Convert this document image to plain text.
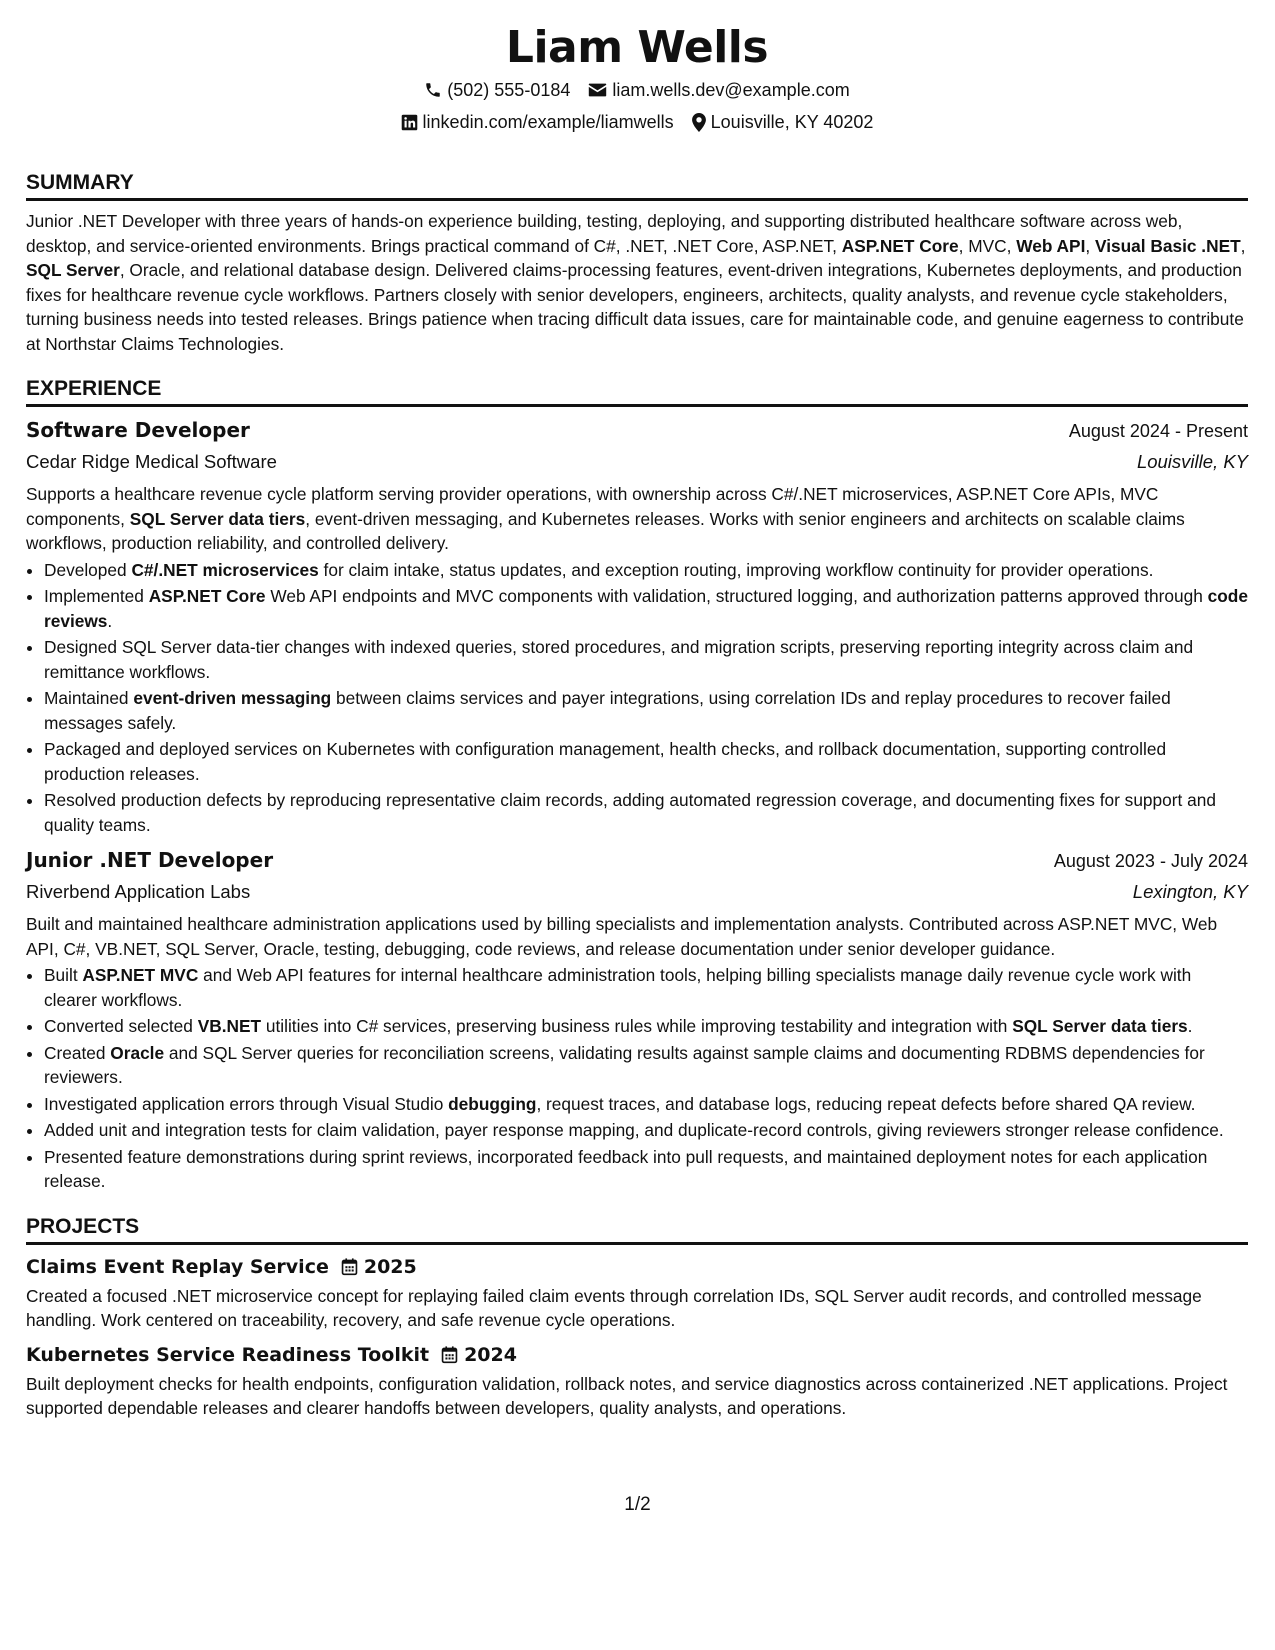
Liam Wells
(502) 555-0184 liam.wells.dev@example.com
linkedin.com/example/liamwells Louisville, KY 40202
SUMMARY
Junior .NET Developer with three years of hands-on experience building, testing, deploying, and supporting distributed healthcare software across web, desktop, and service-oriented environments. Brings practical command of C#, .NET, .NET Core, ASP.NET, ASP.NET Core, MVC, Web API, Visual Basic .NET, SQL Server, Oracle, and relational database design. Delivered claims-processing features, event-driven integrations, Kubernetes deployments, and production fixes for healthcare revenue cycle workflows. Partners closely with senior developers, engineers, architects, quality analysts, and revenue cycle stakeholders, turning business needs into tested releases. Brings patience when tracing difficult data issues, care for maintainable code, and genuine eagerness to contribute at Northstar Claims Technologies.
EXPERIENCE
Software Developer	August 2024 - Present
Cedar Ridge Medical Software	Louisville, KY
Supports a healthcare revenue cycle platform serving provider operations, with ownership across C#/.NET microservices, ASP.NET Core APIs, MVC components, SQL Server data tiers, event-driven messaging, and Kubernetes releases. Works with senior engineers and architects on scalable claims workflows, production reliability, and controlled delivery.
• Developed C#/.NET microservices for claim intake, status updates, and exception routing, improving workflow continuity for provider operations.
• Implemented ASP.NET Core Web API endpoints and MVC components with validation, structured logging, and authorization patterns approved through code reviews.
• Designed SQL Server data-tier changes with indexed queries, stored procedures, and migration scripts, preserving reporting integrity across claim and remittance workflows.
• Maintained event-driven messaging between claims services and payer integrations, using correlation IDs and replay procedures to recover failed messages safely.
• Packaged and deployed services on Kubernetes with configuration management, health checks, and rollback documentation, supporting controlled production releases.
• Resolved production defects by reproducing representative claim records, adding automated regression coverage, and documenting fixes for support and quality teams.
Junior .NET Developer	August 2023 - July 2024
Riverbend Application Labs	Lexington, KY
Built and maintained healthcare administration applications used by billing specialists and implementation analysts. Contributed across ASP.NET MVC, Web API, C#, VB.NET, SQL Server, Oracle, testing, debugging, code reviews, and release documentation under senior developer guidance.
• Built ASP.NET MVC and Web API features for internal healthcare administration tools, helping billing specialists manage daily revenue cycle work with clearer workflows.
• Converted selected VB.NET utilities into C# services, preserving business rules while improving testability and integration with SQL Server data tiers.
• Created Oracle and SQL Server queries for reconciliation screens, validating results against sample claims and documenting RDBMS dependencies for reviewers.
• Investigated application errors through Visual Studio debugging, request traces, and database logs, reducing repeat defects before shared QA review.
• Added unit and integration tests for claim validation, payer response mapping, and duplicate-record controls, giving reviewers stronger release confidence.
• Presented feature demonstrations during sprint reviews, incorporated feedback into pull requests, and maintained deployment notes for each application release.
PROJECTS
Claims Event Replay Service 2025
Created a focused .NET microservice concept for replaying failed claim events through correlation IDs, SQL Server audit records, and controlled message handling. Work centered on traceability, recovery, and safe revenue cycle operations.
Kubernetes Service Readiness Toolkit 2024
Built deployment checks for health endpoints, configuration validation, rollback notes, and service diagnostics across containerized .NET applications. Project supported dependable releases and clearer handoffs between developers, quality analysts, and operations.
1/2
